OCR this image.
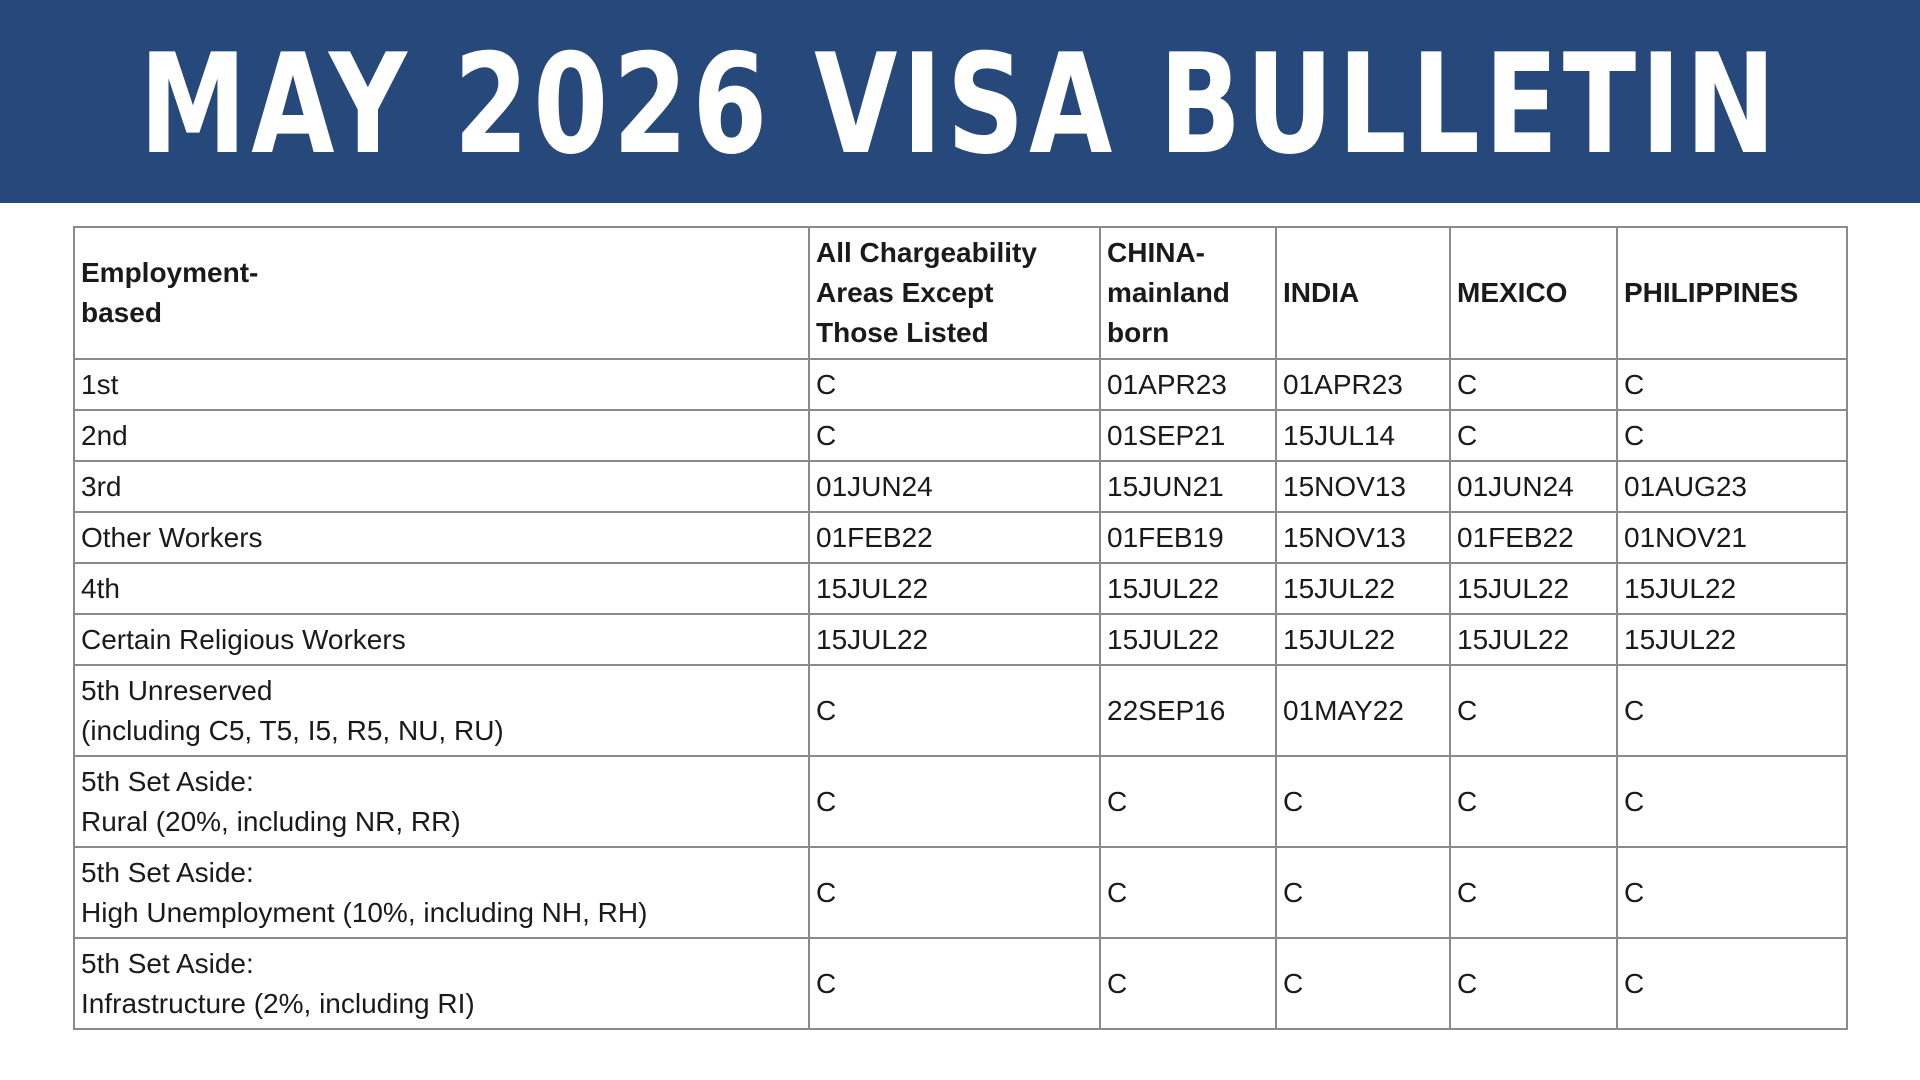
MAY 2026 VISA BULLETIN
Employment-
based	All Chargeability
Areas Except
Those Listed	CHINA-
mainland
born	INDIA	MEXICO	PHILIPPINES

1st	C	01APR23	01APR23	C	C

2nd	C	01SEP21	15JUL14	C	C

3rd	01JUN24	15JUN21	15NOV13	01JUN24	01AUG23

Other Workers	01FEB22	01FEB19	15NOV13	01FEB22	01NOV21

4th	15JUL22	15JUL22	15JUL22	15JUL22	15JUL22

Certain Religious Workers	15JUL22	15JUL22	15JUL22	15JUL22	15JUL22

5th Unreserved
(including C5, T5, I5, R5, NU, RU)	C	22SEP16	01MAY22	C	C

5th Set Aside:
Rural (20%, including NR, RR)	C	C	C	C	C

5th Set Aside:
High Unemployment (10%, including NH, RH)	C	C	C	C	C

5th Set Aside:
Infrastructure (2%, including RI)	C	C	C	C	C
